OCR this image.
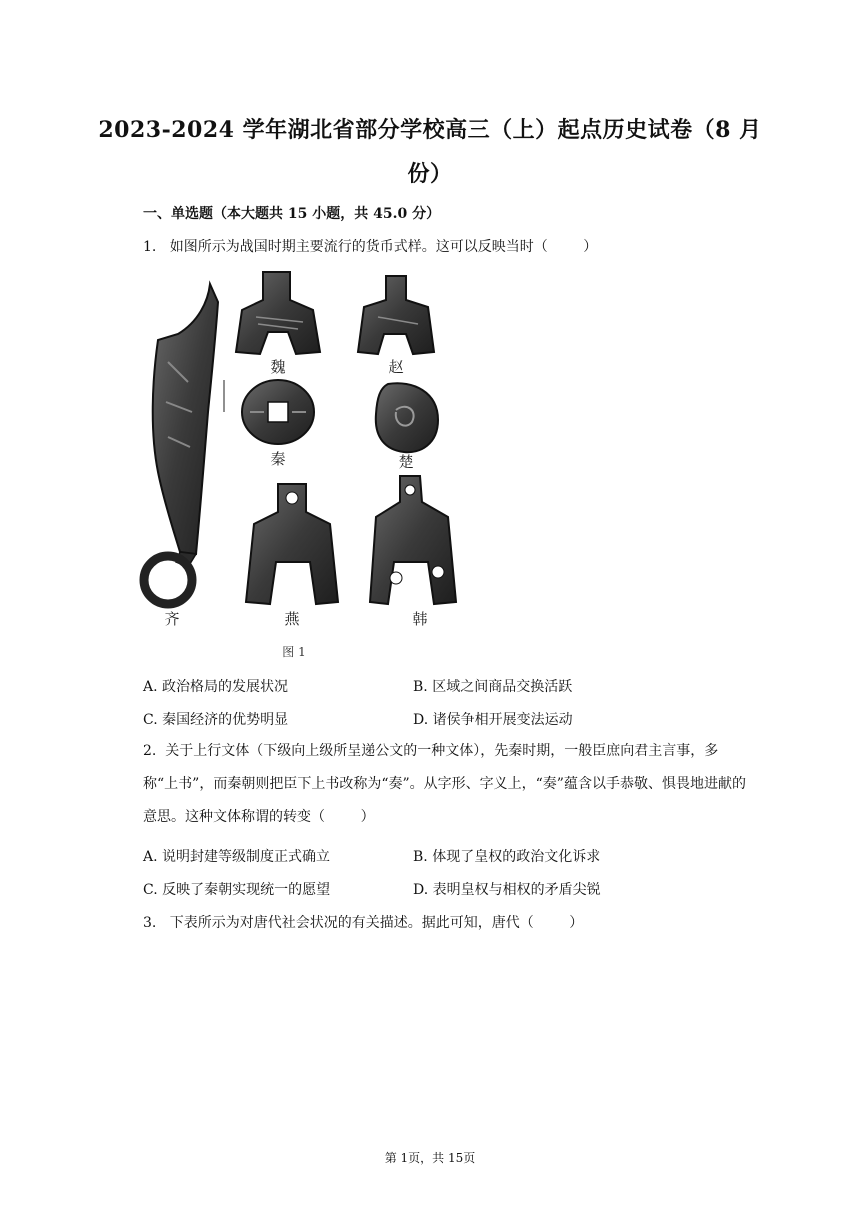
2023-2024 学年湖北省部分学校高三（上）起点历史试卷（8 月
份）
一、单选题（本大题共 15 小题，共 45.0 分）
1.   如图所示为战国时期主要流行的货币式样。这可以反映当时（        ）
齐
魏	赵
秦	楚
燕	韩
图 1
A. 政治格局的发展状况	B. 区域之间商品交换活跃
C. 秦国经济的优势明显	D. 诸侯争相开展变法运动
2.  关于上行文体（下级向上级所呈递公文的一种文体），先秦时期，一般臣庶向君主言事，多称“上书”，而秦朝则把臣下上书改称为“奏”。从字形、字义上，“奏”蕴含以手恭敬、惧畏地进献的意思。这种文体称谓的转变（        ）
A. 说明封建等级制度正式确立	B. 体现了皇权的政治文化诉求
C. 反映了秦朝实现统一的愿望	D. 表明皇权与相权的矛盾尖锐
3.   下表所示为对唐代社会状况的有关描述。据此可知，唐代（        ）
第 1页，共 15页
